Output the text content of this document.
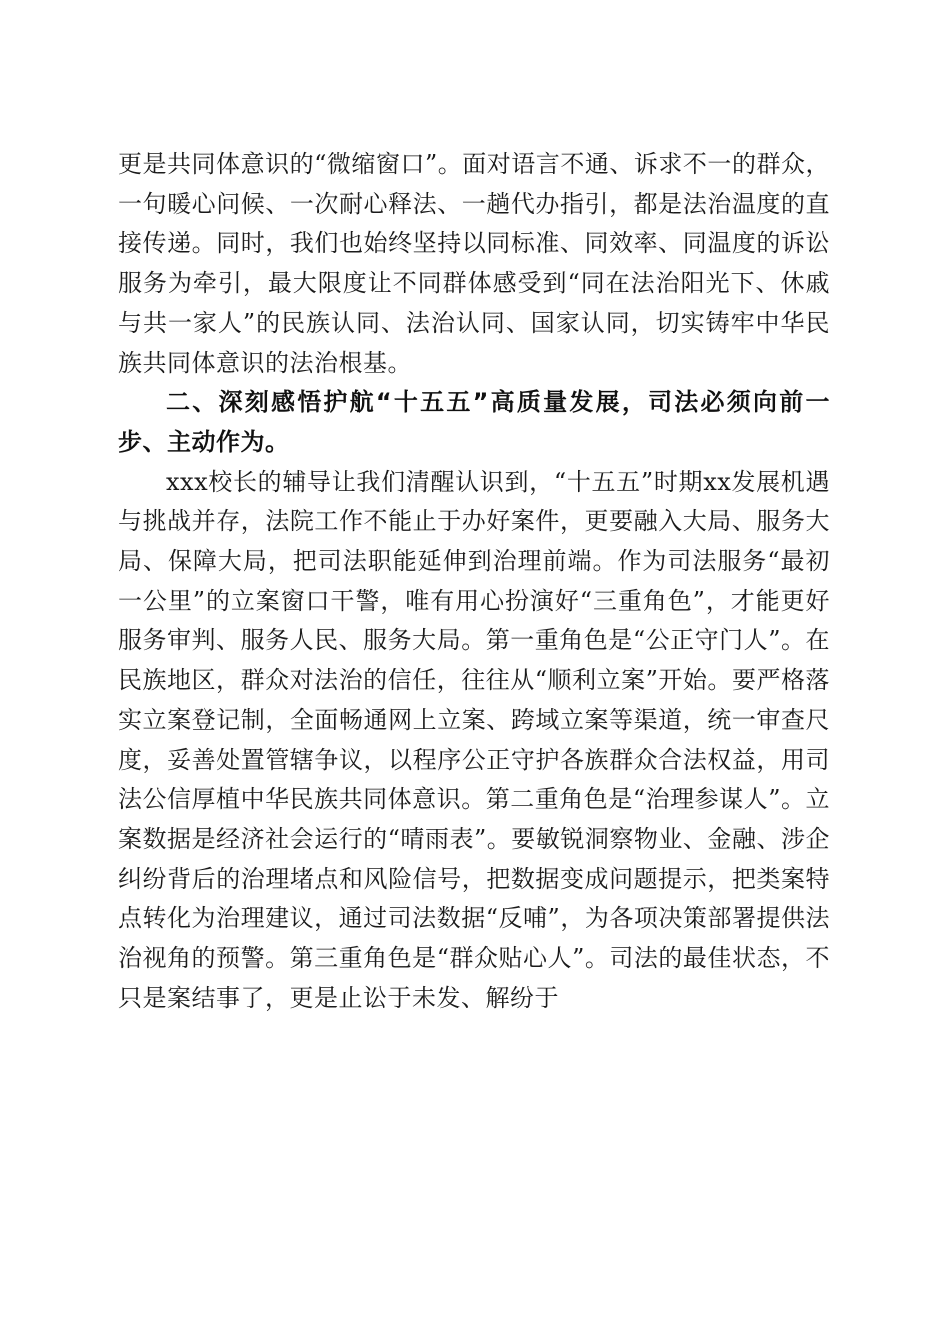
更是共同体意识的“微缩窗口”。面对语言不通、诉求不一的群众，一句暖心问候、一次耐心释法、一趟代办指引，都是法治温度的直接传递。同时，我们也始终坚持以同标准、同效率、同温度的诉讼服务为牵引，最大限度让不同群体感受到“同在法治阳光下、休戚与共一家人”的民族认同、法治认同、国家认同，切实铸牢中华民族共同体意识的法治根基。

二、深刻感悟护航“十五五”高质量发展，司法必须向前一步、主动作为。

xxx校长的辅导让我们清醒认识到，“十五五”时期xx发展机遇与挑战并存，法院工作不能止于办好案件，更要融入大局、服务大局、保障大局，把司法职能延伸到治理前端。作为司法服务“最初一公里”的立案窗口干警，唯有用心扮演好“三重角色”，才能更好服务审判、服务人民、服务大局。第一重角色是“公正守门人”。在民族地区，群众对法治的信任，往往从“顺利立案”开始。要严格落实立案登记制，全面畅通网上立案、跨域立案等渠道，统一审查尺度，妥善处置管辖争议，以程序公正守护各族群众合法权益，用司法公信厚植中华民族共同体意识。第二重角色是“治理参谋人”。立案数据是经济社会运行的“晴雨表”。要敏锐洞察物业、金融、涉企纠纷背后的治理堵点和风险信号，把数据变成问题提示，把类案特点转化为治理建议，通过司法数据“反哺”，为各项决策部署提供法治视角的预警。第三重角色是“群众贴心人”。司法的最佳状态，不只是案结事了，更是止讼于未发、解纷于
